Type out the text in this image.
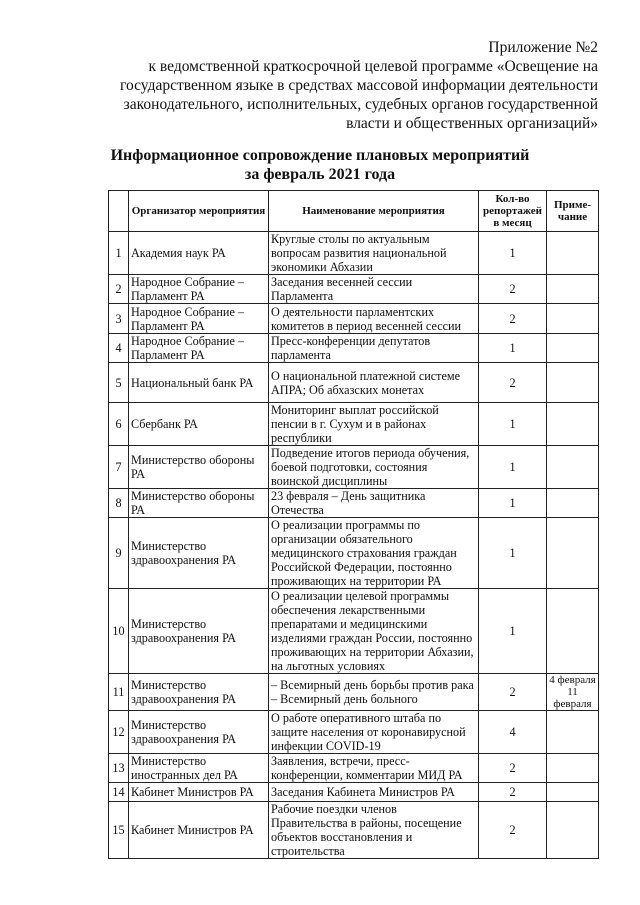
Приложение №2
к ведомственной краткосрочной целевой программе «Освещение на
государственном языке в средствах массовой информации деятельности
законодательного, исполнительных, судебных органов государственной
власти и общественных организаций»
Информационное сопровождение плановых мероприятий
за февраль 2021 года
	Организатор мероприятия	Наименование мероприятия	Кол-во репортажей в месяц	Приме-чание
1	Академия наук РА	Круглые столы по актуальным вопросам развития национальной экономики Абхазии	1	
2	Народное Собрание – Парламент РА	Заседания весенней сессии Парламента	2	
3	Народное Собрание – Парламент РА	О деятельности парламентских комитетов в период весенней сессии	2	
4	Народное Собрание – Парламент РА	Пресс-конференции депутатов парламента	1	
5	Национальный банк РА	О национальной платежной системе АПРА; Об абхазских монетах	2	
6	Сбербанк РА	Мониторинг выплат российской пенсии в г. Сухум и в районах республики	1	
7	Министерство обороны РА	Подведение итогов периода обучения, боевой подготовки, состояния воинской дисциплины	1	
8	Министерство обороны РА	23 февраля – День защитника Отечества	1	
9	Министерство здравоохранения РА	О реализации программы по организации обязательного медицинского страхования граждан Российской Федерации, постоянно проживающих на территории РА	1	
10	Министерство здравоохранения РА	О реализации целевой программы обеспечения лекарственными препаратами и медицинскими изделиями граждан России, постоянно проживающих на территории Абхазии, на льготных условиях	1	
11	Министерство здравоохранения РА	– Всемирный день борьбы против рака – Всемирный день больного	2	4 февраля 11 февраля
12	Министерство здравоохранения РА	О работе оперативного штаба по защите населения от коронавирусной инфекции COVID-19	4	
13	Министерство иностранных дел РА	Заявления, встречи, пресс-конференции, комментарии МИД РА	2	
14	Кабинет Министров РА	Заседания Кабинета Министров РА	2	
15	Кабинет Министров РА	Рабочие поездки членов Правительства в районы, посещение объектов восстановления и строительства	2	
